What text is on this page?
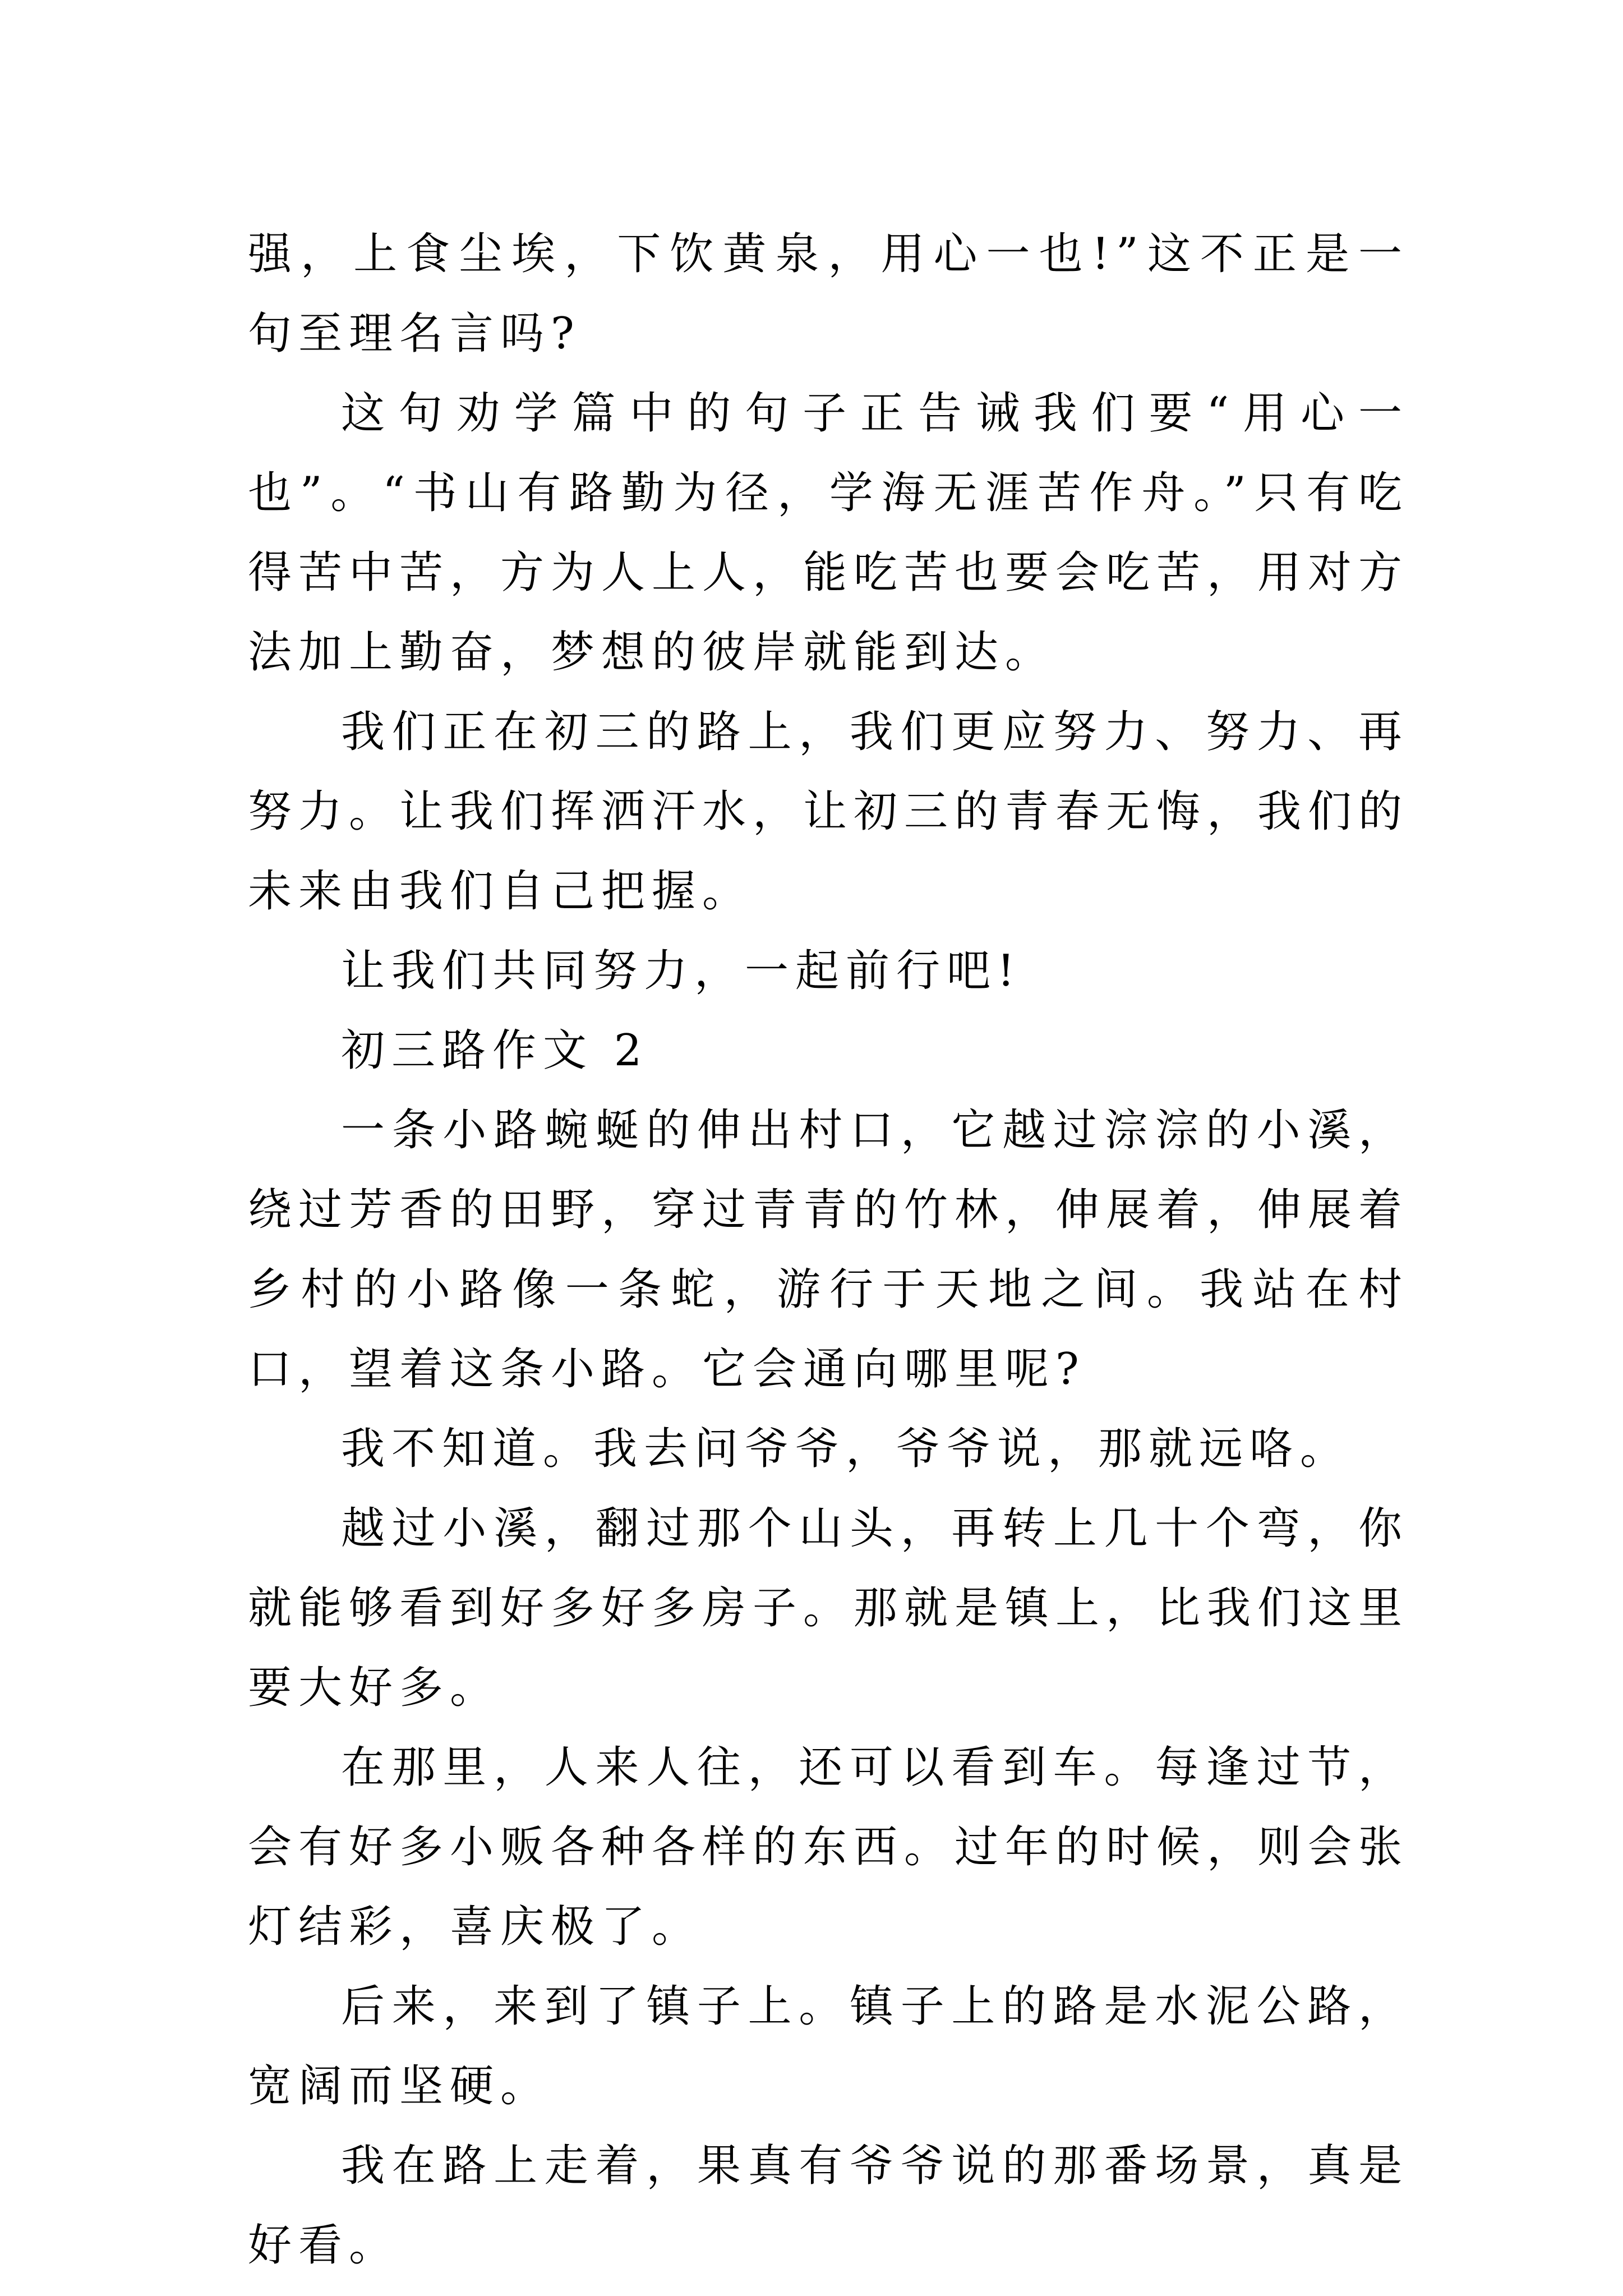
强，上食尘埃，下饮黄泉，用心一也!”这不正是一句至理名言吗?

这句劝学篇中的句子正告诫我们要“用心一也”。“书山有路勤为径，学海无涯苦作舟。”只有吃得苦中苦，方为人上人，能吃苦也要会吃苦，用对方法加上勤奋，梦想的彼岸就能到达。

我们正在初三的路上，我们更应努力、努力、再努力。让我们挥洒汗水，让初三的青春无悔，我们的未来由我们自己把握。

让我们共同努力，一起前行吧!

初三路作文 2

一条小路蜿蜒的伸出村口，它越过淙淙的小溪，绕过芳香的田野，穿过青青的竹林，伸展着，伸展着乡村的小路像一条蛇，游行于天地之间。我站在村口，望着这条小路。它会通向哪里呢?

我不知道。我去问爷爷，爷爷说，那就远咯。

越过小溪，翻过那个山头，再转上几十个弯，你就能够看到好多好多房子。那就是镇上，比我们这里要大好多。

在那里，人来人往，还可以看到车。每逢过节，会有好多小贩各种各样的东西。过年的时候，则会张灯结彩，喜庆极了。

后来，来到了镇子上。镇子上的路是水泥公路，宽阔而坚硬。

我在路上走着，果真有爷爷说的那番场景，真是好看。
